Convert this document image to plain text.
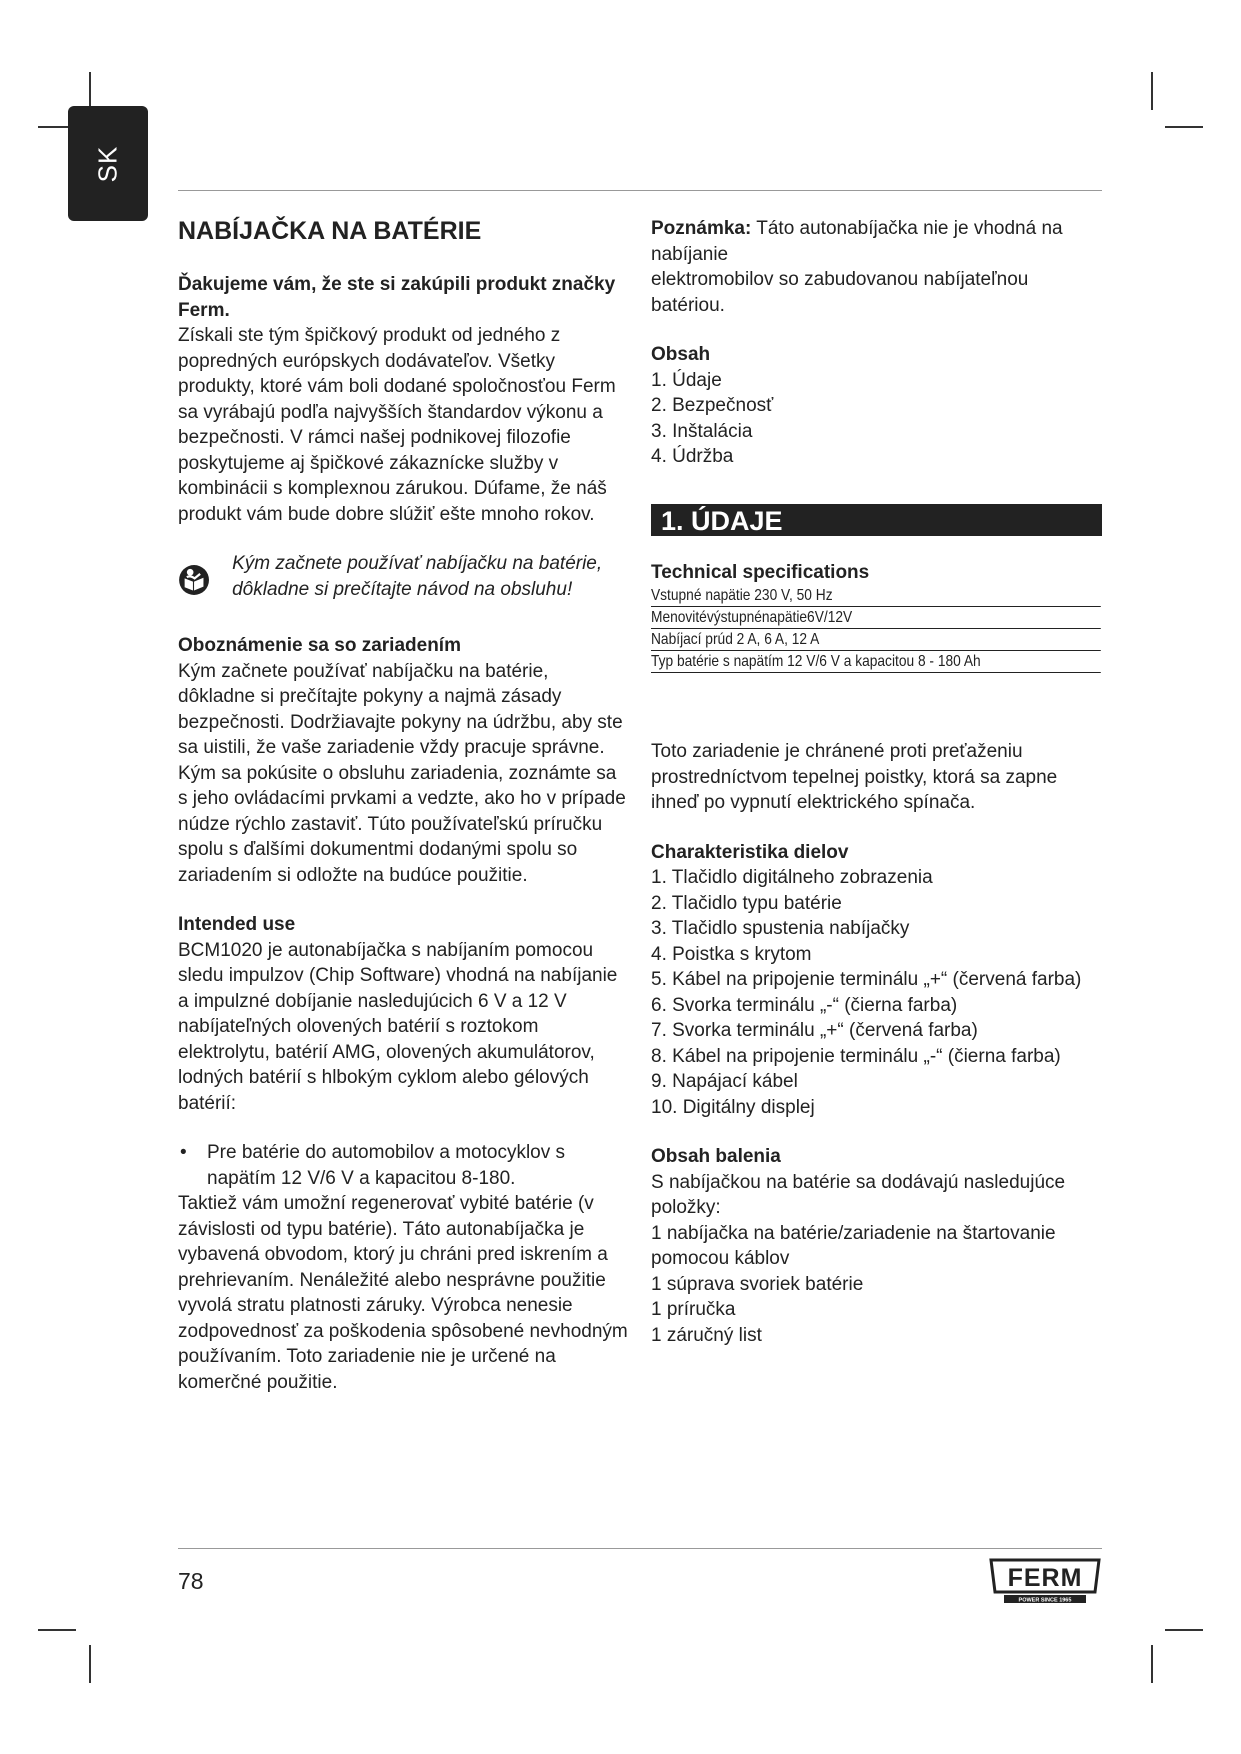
SK
NABÍJAČKA NA BATÉRIE

Ďakujeme vám, že ste si zakúpili produkt značky Ferm.

Získali ste tým špičkový produkt od jedného z popredných európskych dodávateľov. Všetky produkty, ktoré vám boli dodané spoločnosťou Ferm sa vyrábajú podľa najvyšších štandardov výkonu a bezpečnosti. V rámci našej podnikovej filozofie poskytujeme aj špičkové zákaznícke služby v kombinácii s komplexnou zárukou. Dúfame, že náš produkt vám bude dobre slúžiť ešte mnoho rokov.

Kým začnete používať nabíjačku na batérie, dôkladne si prečítajte návod na obsluhu!

Oboznámenie sa so zariadením

Kým začnete používať nabíjačku na batérie, dôkladne si prečítajte pokyny a najmä zásady bezpečnosti. Dodržiavajte pokyny na údržbu, aby ste sa uistili, že vaše zariadenie vždy pracuje správne. Kým sa pokúsite o obsluhu zariadenia, zoznámte sa s jeho ovládacími prvkami a vedzte, ako ho v prípade núdze rýchlo zastaviť. Túto používateľskú príručku spolu s ďalšími dokumentmi dodanými spolu so zariadením si odložte na budúce použitie.

Intended use

BCM1020 je autonabíjačka s nabíjaním pomocou sledu impulzov (Chip Software) vhodná na nabíjanie a impulzné dobíjanie nasledujúcich 6 V a 12 V nabíjateľných olovených batérií s roztokom elektrolytu, batérií AMG, olovených akumulátorov, lodných batérií s hlbokým cyklom alebo gélových batérií:

•	Pre batérie do automobilov a motocyklov s napätím 12 V/6 V a kapacitou 8-180.

Taktiež vám umožní regenerovať vybité batérie (v závislosti od typu batérie). Táto autonabíjačka je vybavená obvodom, ktorý ju chráni pred iskrením a prehrievaním. Nenáležité alebo nesprávne použitie vyvolá stratu platnosti záruky. Výrobca nenesie zodpovednosť za poškodenia spôsobené nevhodným používaním. Toto zariadenie nie je určené na komerčné použitie.

Poznámka: Táto autonabíjačka nie je vhodná na nabíjanie

elektromobilov so zabudovanou nabíjateľnou batériou.

Obsah

1. Údaje

2. Bezpečnosť

3. Inštalácia

4. Údržba

1. ÚDAJE

Technical specifications

Vstupné napätie 230 V, 50 Hz

Menovitévýstupnénapätie6V/12V

Nabíjací prúd 2 A, 6 A, 12 A

Typ batérie s napätím 12 V/6 V a kapacitou 8 - 180 Ah

Toto zariadenie je chránené proti preťaženiu prostredníctvom tepelnej poistky, ktorá sa zapne ihneď po vypnutí elektrického spínača.

Charakteristika dielov

1. Tlačidlo digitálneho zobrazenia

2. Tlačidlo typu batérie

3. Tlačidlo spustenia nabíjačky

4. Poistka s krytom

5. Kábel na pripojenie terminálu „+“ (červená farba)

6. Svorka terminálu „-“ (čierna farba)

7. Svorka terminálu „+“ (červená farba)

8. Kábel na pripojenie terminálu „-“ (čierna farba)

9. Napájací kábel

10. Digitálny displej

Obsah balenia

S nabíjačkou na batérie sa dodávajú nasledujúce položky:

1 nabíjačka na batérie/zariadenie na štartovanie pomocou káblov

1 súprava svoriek batérie

1 príručka

1 záručný list

78	FERM
POWER SINCE 1965
